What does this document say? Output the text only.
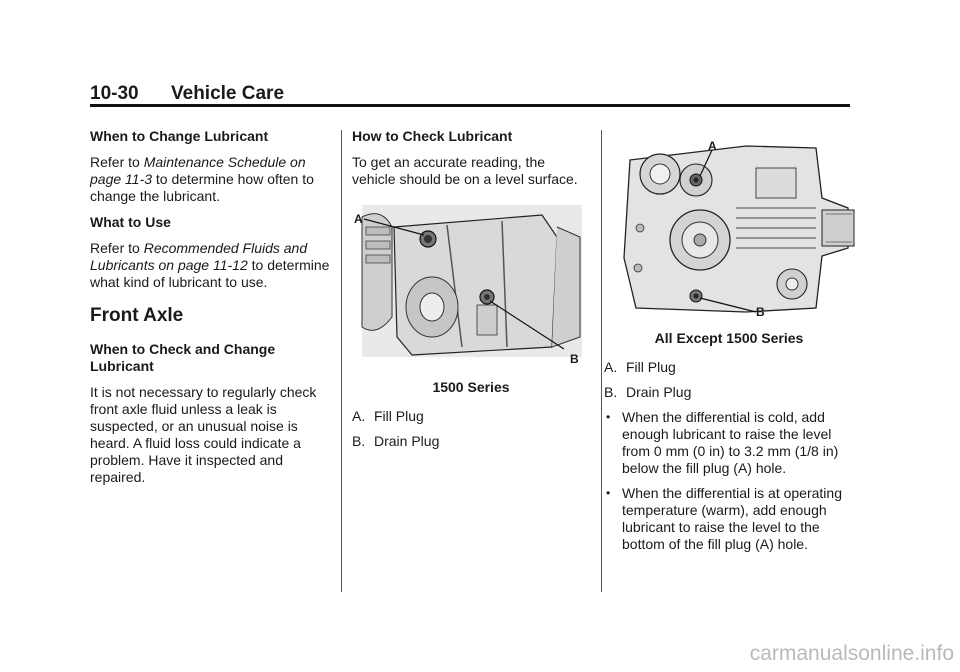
10-30 Vehicle Care

When to Change Lubricant

Refer to Maintenance Schedule on page 11-3 to determine how often to change the lubricant.

What to Use

Refer to Recommended Fluids and Lubricants on page 11-12 to determine what kind of lubricant to use.

Front Axle

When to Check and Change Lubricant

It is not necessary to regularly check front axle fluid unless a leak is suspected, or an unusual noise is heard. A fluid loss could indicate a problem. Have it inspected and repaired.

How to Check Lubricant

To get an accurate reading, the vehicle should be on a level surface.

A
B

1500 Series

A. Fill Plug
B. Drain Plug
A
B

All Except 1500 Series

A. Fill Plug
B. Drain Plug
• When the differential is cold, add enough lubricant to raise the level from 0 mm (0 in) to 3.2 mm (1/8 in) below the fill plug (A) hole.
• When the differential is at operating temperature (warm), add enough lubricant to raise the level to the bottom of the fill plug (A) hole.
carmanualsonline.info
